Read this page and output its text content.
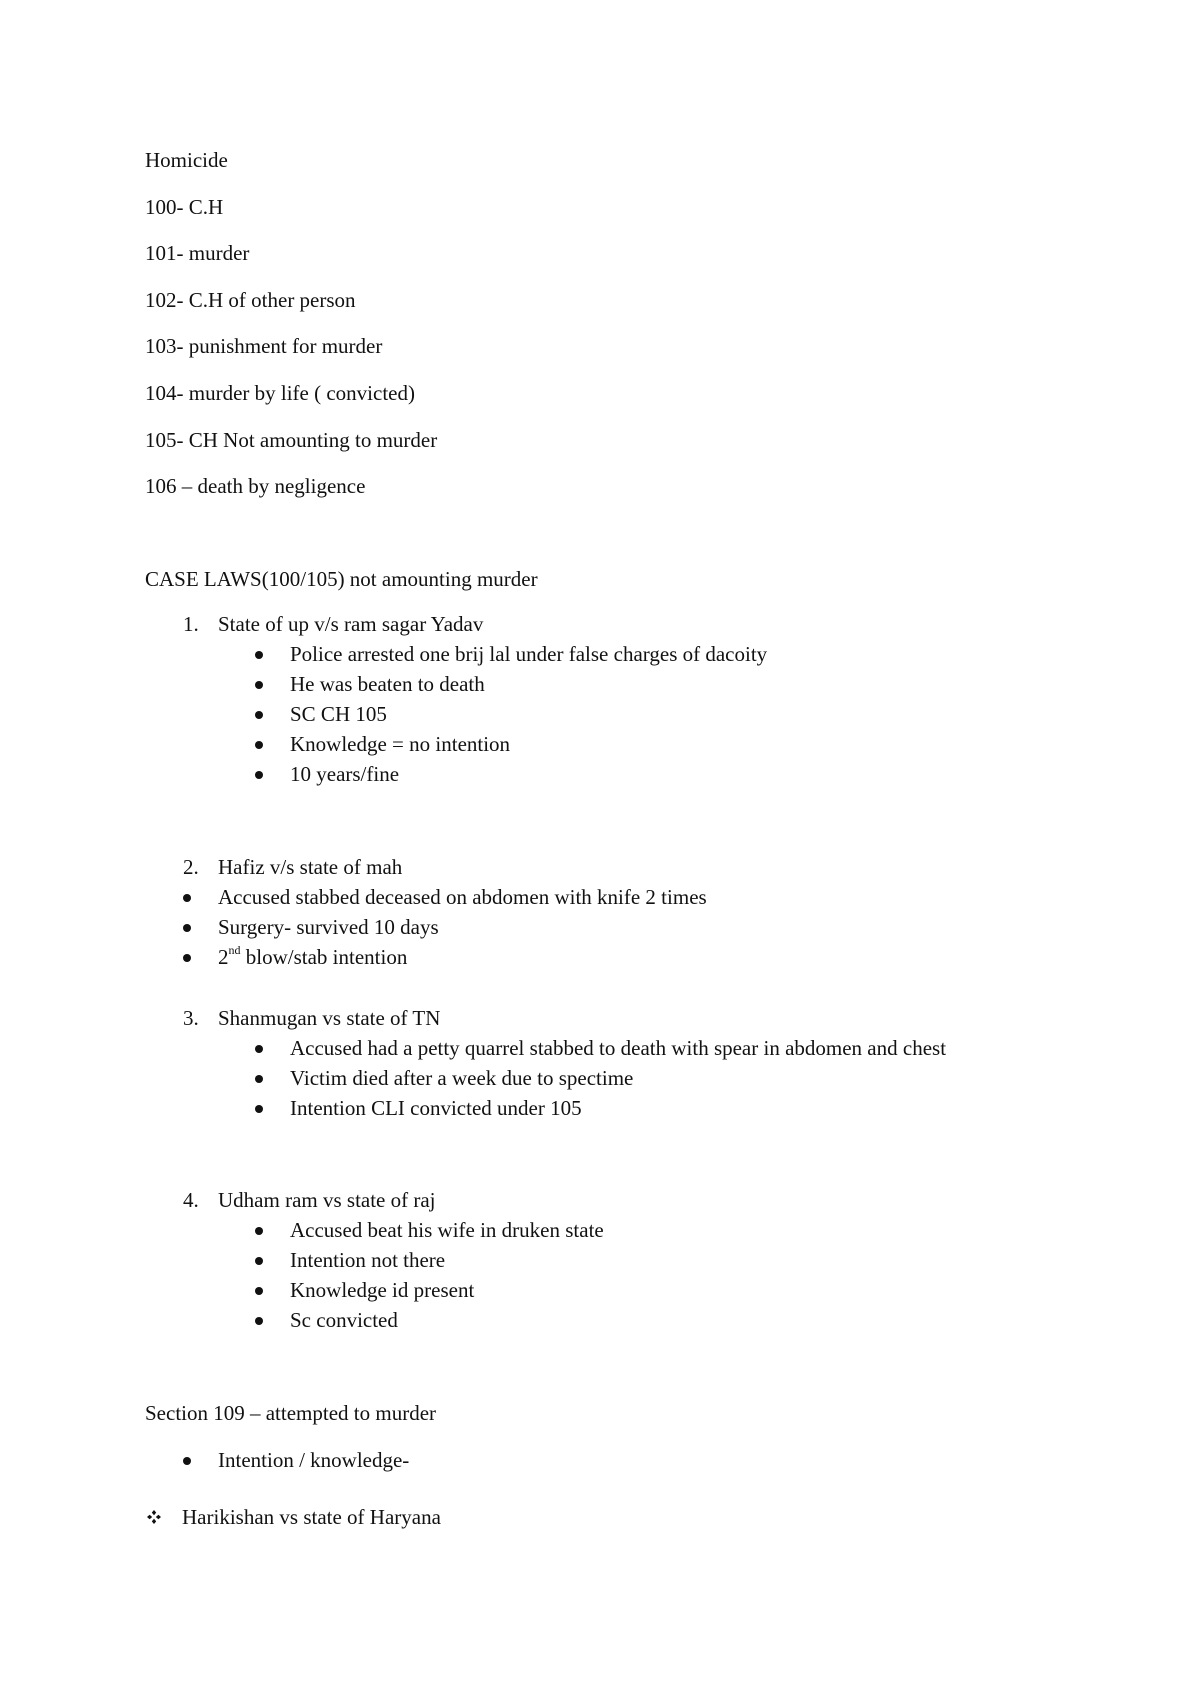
Homicide
100- C.H
101- murder
102- C.H of other person
103- punishment for murder
104- murder by life ( convicted)
105- CH Not amounting to murder
106 – death by negligence
CASE LAWS(100/105) not amounting murder
1. State of up v/s ram sagar Yadav
Police arrested one brij lal under false charges of dacoity
He was beaten to death
SC CH 105
Knowledge = no intention
10 years/fine
2. Hafiz v/s state of mah
Accused stabbed deceased on abdomen with knife 2 times
Surgery- survived 10 days
2nd blow/stab intention
3. Shanmugan vs state of TN
Accused had a petty quarrel stabbed to death with spear in abdomen and chest
Victim died after a week due to spectime
Intention CLI convicted under 105
4. Udham ram vs state of raj
Accused beat his wife in druken state
Intention not there
Knowledge id present
Sc convicted
Section 109 – attempted to murder
Intention / knowledge-
Harikishan vs state of Haryana
